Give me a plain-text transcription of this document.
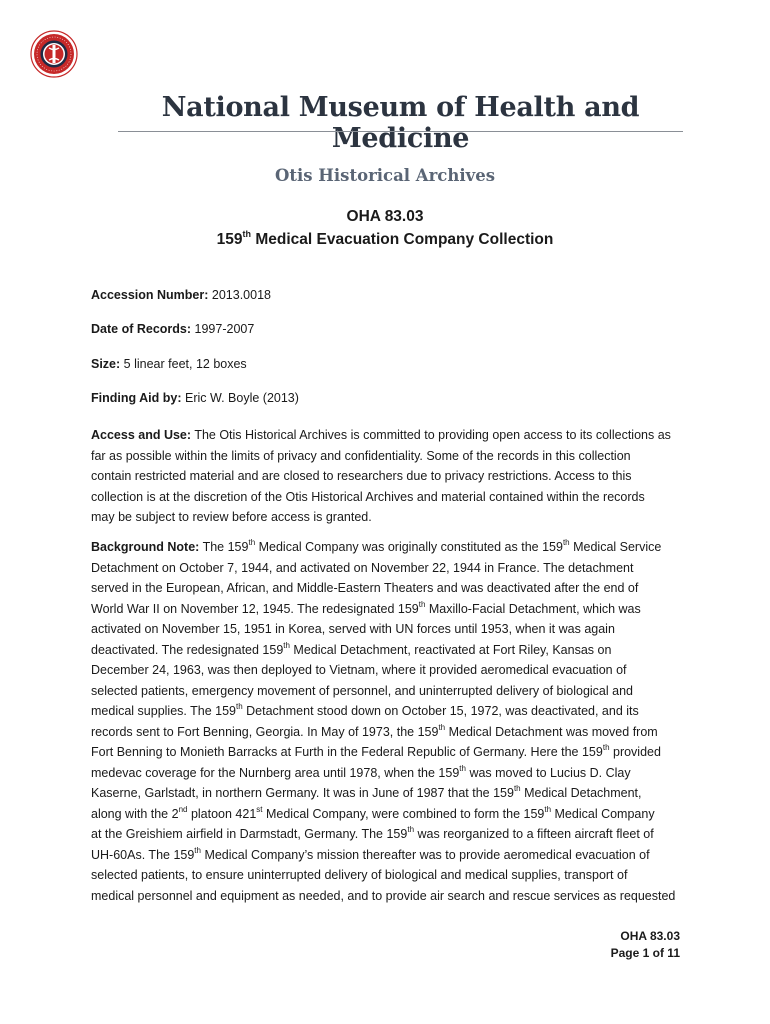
National Museum of Health and Medicine
Otis Historical Archives
OHA 83.03
159th Medical Evacuation Company Collection
Accession Number: 2013.0018
Date of Records: 1997-2007
Size: 5 linear feet, 12 boxes
Finding Aid by: Eric W. Boyle (2013)
Access and Use: The Otis Historical Archives is committed to providing open access to its collections as
far as possible within the limits of privacy and confidentiality. Some of the records in this collection
contain restricted material and are closed to researchers due to privacy restrictions. Access to this
collection is at the discretion of the Otis Historical Archives and material contained within the records
may be subject to review before access is granted.
Background Note: The 159th Medical Company was originally constituted as the 159th Medical Service
Detachment on October 7, 1944, and activated on November 22, 1944 in France. The detachment
served in the European, African, and Middle-Eastern Theaters and was deactivated after the end of
World War II on November 12, 1945. The redesignated 159th Maxillo-Facial Detachment, which was
activated on November 15, 1951 in Korea, served with UN forces until 1953, when it was again
deactivated. The redesignated 159th Medical Detachment, reactivated at Fort Riley, Kansas on
December 24, 1963, was then deployed to Vietnam, where it provided aeromedical evacuation of
selected patients, emergency movement of personnel, and uninterrupted delivery of biological and
medical supplies. The 159th Detachment stood down on October 15, 1972, was deactivated, and its
records sent to Fort Benning, Georgia. In May of 1973, the 159th Medical Detachment was moved from
Fort Benning to Monieth Barracks at Furth in the Federal Republic of Germany. Here the 159th provided
medevac coverage for the Nurnberg area until 1978, when the 159th was moved to Lucius D. Clay
Kaserne, Garlstadt, in northern Germany. It was in June of 1987 that the 159th Medical Detachment,
along with the 2nd platoon 421st Medical Company, were combined to form the 159th Medical Company
at the Greishiem airfield in Darmstadt, Germany. The 159th was reorganized to a fifteen aircraft fleet of
UH-60As. The 159th Medical Company’s mission thereafter was to provide aeromedical evacuation of
selected patients, to ensure uninterrupted delivery of biological and medical supplies, transport of
medical personnel and equipment as needed, and to provide air search and rescue services as requested
OHA 83.03
Page 1 of 11
